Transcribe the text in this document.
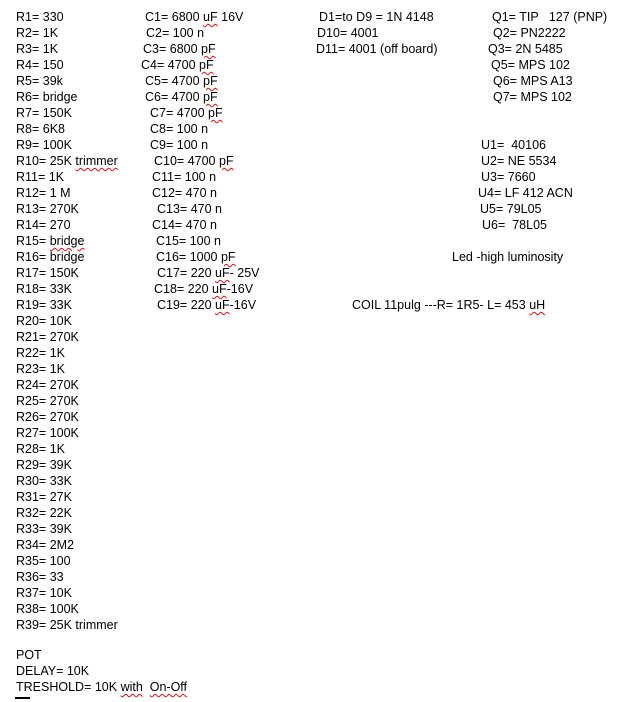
R1= 330
R2= 1K
R3= 1K
R4= 150
R5= 39k
R6= bridge
R7= 150K
R8= 6K8
R9= 100K
R10= 25K trimmer
R11= 1K
R12= 1 M
R13= 270K
R14= 270
R15= bridge
R16= bridge
R17= 150K
R18= 33K
R19= 33K
R20= 10K
R21= 270K
R22= 1K
R23= 1K
R24= 270K
R25= 270K
R26= 270K
R27= 100K
R28= 1K
R29= 39K
R30= 33K
R31= 27K
R32= 22K
R33= 39K
R34= 2M2
R35= 100
R36= 33
R37= 10K
R38= 100K
R39= 25K trimmer
C1= 6800 uF 16V
C2= 100 n
C3= 6800 pF
C4= 4700 pF
C5= 4700 pF
C6= 4700 pF
C7= 4700 pF
C8= 100 n
C9= 100 n
C10= 4700 pF
C11= 100 n
C12= 470 n
C13= 470 n
C14= 470 n
C15= 100 n
C16= 1000 pF
C17= 220 uF- 25V
C18= 220 uF-16V
C19= 220 uF-16V
D1=to D9 = 1N 4148
D10= 4001
D11= 4001 (off board)
Q1= TIP   127 (PNP)
Q2= PN2222
Q3= 2N 5485
Q5= MPS 102
Q6= MPS A13
Q7= MPS 102
U1=  40106
U2= NE 5534
U3= 7660
U4= LF 412 ACN
U5= 79L05
U6=  78L05
Led -high luminosity
COIL 11pulg ---R= 1R5- L= 453 uH
POT
DELAY= 10K
TRESHOLD= 10K with On-Off
